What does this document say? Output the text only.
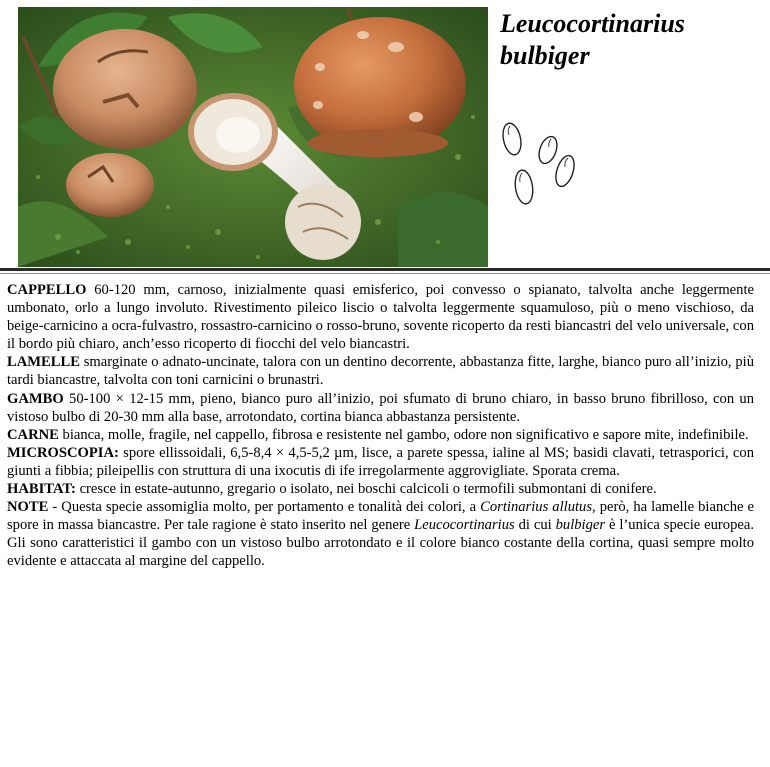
Leucocortinarius
bulbiger

CAPPELLO 60-120 mm, carnoso, inizialmente quasi emisferico, poi convesso o spianato, talvolta anche leggermente umbonato, orlo a lungo involuto. Rivestimento pileico liscio o talvolta leggermente squamuloso, più o meno vischioso, da beige-carnicino a ocra-fulvastro, rossastro-carnicino o rosso-bruno, sovente ricoperto da resti biancastri del velo universale, con il bordo più chiaro, anch’esso ricoperto di fiocchi del velo biancastri.

LAMELLE smarginate o adnato-uncinate, talora con un dentino decorrente, abbastanza fitte, larghe, bianco puro all’inizio, più tardi biancastre, talvolta con toni carnicini o brunastri.

GAMBO 50-100 × 12-15 mm, pieno, bianco puro all’inizio, poi sfumato di bruno chiaro, in basso bruno fibrilloso, con un vistoso bulbo di 20-30 mm alla base, arrotondato, cortina bianca abbastanza persistente.

CARNE bianca, molle, fragile, nel cappello, fibrosa e resistente nel gambo, odore non significativo e sapore mite, indefinibile.

MICROSCOPIA: spore ellissoidali, 6,5-8,4 × 4,5-5,2 µm, lisce, a parete spessa, ialine al MS; basidi clavati, tetrasporici, con giunti a fibbia; pileipellis con struttura di una ixocutis di ife irregolarmente aggrovigliate. Sporata crema.

HABITAT: cresce in estate-autunno, gregario o isolato, nei boschi calcicoli o termofili submontani di conifere.

NOTE - Questa specie assomiglia molto, per portamento e tonalità dei colori, a Cortinarius allutus, però, ha lamelle bianche e spore in massa biancastre. Per tale ragione è stato inserito nel genere Leucocortinarius di cui bulbiger è l’unica specie europea. Gli sono caratteristici il gambo con un vistoso bulbo arrotondato e il colore bianco costante della cortina, quasi sempre molto evidente e attaccata al margine del cappello.
